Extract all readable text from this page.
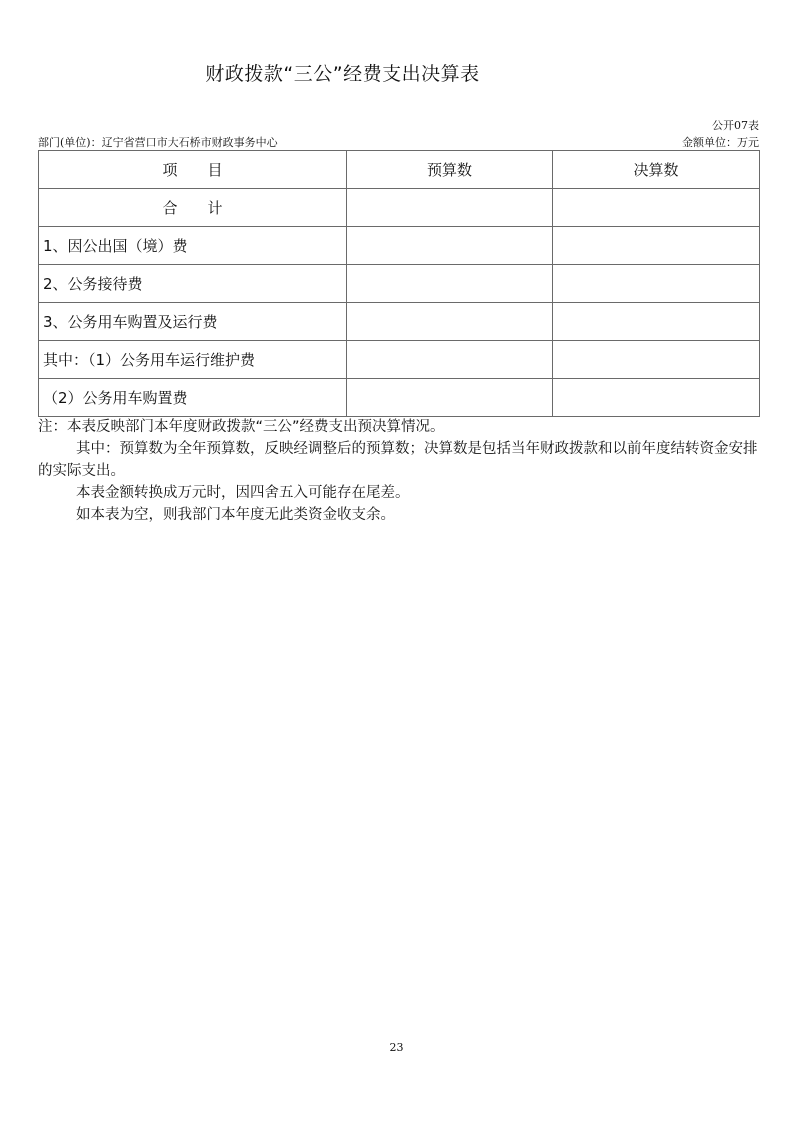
财政拨款“三公”经费支出决算表
公开07表
部门(单位)：辽宁省营口市大石桥市财政事务中心	金额单位：万元
项　　目	预算数	决算数
合　　计		
1、因公出国（境）费		
2、公务接待费		
3、公务用车购置及运行费		
其中：（1）公务用车运行维护费		
（2）公务用车购置费		

注：本表反映部门本年度财政拨款“三公”经费支出预决算情况。

其中：预算数为全年预算数，反映经调整后的预算数；决算数是包括当年财政拨款和以前年度结转资金安排的实际支出。

本表金额转换成万元时，因四舍五入可能存在尾差。

如本表为空，则我部门本年度无此类资金收支余。

23
